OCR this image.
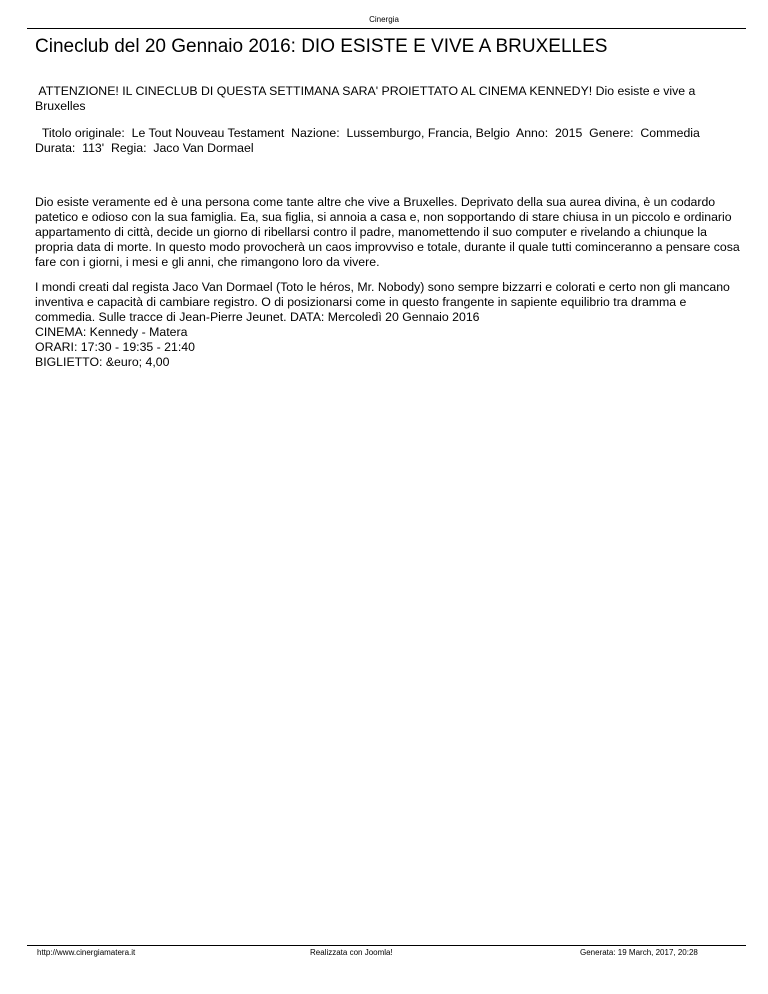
Cinergia
Cineclub del 20 Gennaio 2016: DIO ESISTE E VIVE A BRUXELLES

ATTENZIONE! IL CINECLUB DI QUESTA SETTIMANA SARA' PROIETTATO AL CINEMA KENNEDY! Dio esiste e vive a Bruxelles

Titolo originale:  Le Tout Nouveau Testament  Nazione:  Lussemburgo, Francia, Belgio  Anno:  2015  Genere:  Commedia
Durata:  113'  Regia:  Jaco Van Dormael

Dio esiste veramente ed è una persona come tante altre che vive a Bruxelles. Deprivato della sua aurea divina, è un codardo patetico e odioso con la sua famiglia. Ea, sua figlia, si annoia a casa e, non sopportando di stare chiusa in un piccolo e ordinario appartamento di città, decide un giorno di ribellarsi contro il padre, manomettendo il suo computer e rivelando a chiunque la propria data di morte. In questo modo provocherà un caos improvviso e totale, durante il quale tutti cominceranno a pensare cosa fare con i giorni, i mesi e gli anni, che rimangono loro da vivere.

I mondi creati dal regista Jaco Van Dormael (Toto le héros, Mr. Nobody) sono sempre bizzarri e colorati e certo non gli mancano inventiva e capacità di cambiare registro. O di posizionarsi come in questo frangente in sapiente equilibrio tra dramma e commedia. Sulle tracce di Jean-Pierre Jeunet. DATA: Mercoledì 20 Gennaio 2016
CINEMA: Kennedy - Matera
ORARI: 17:30 - 19:35 - 21:40
BIGLIETTO: &euro; 4,00
http://www.cinergiamatera.it	Realizzata con Joomla!	Generata: 19 March, 2017, 20:28
